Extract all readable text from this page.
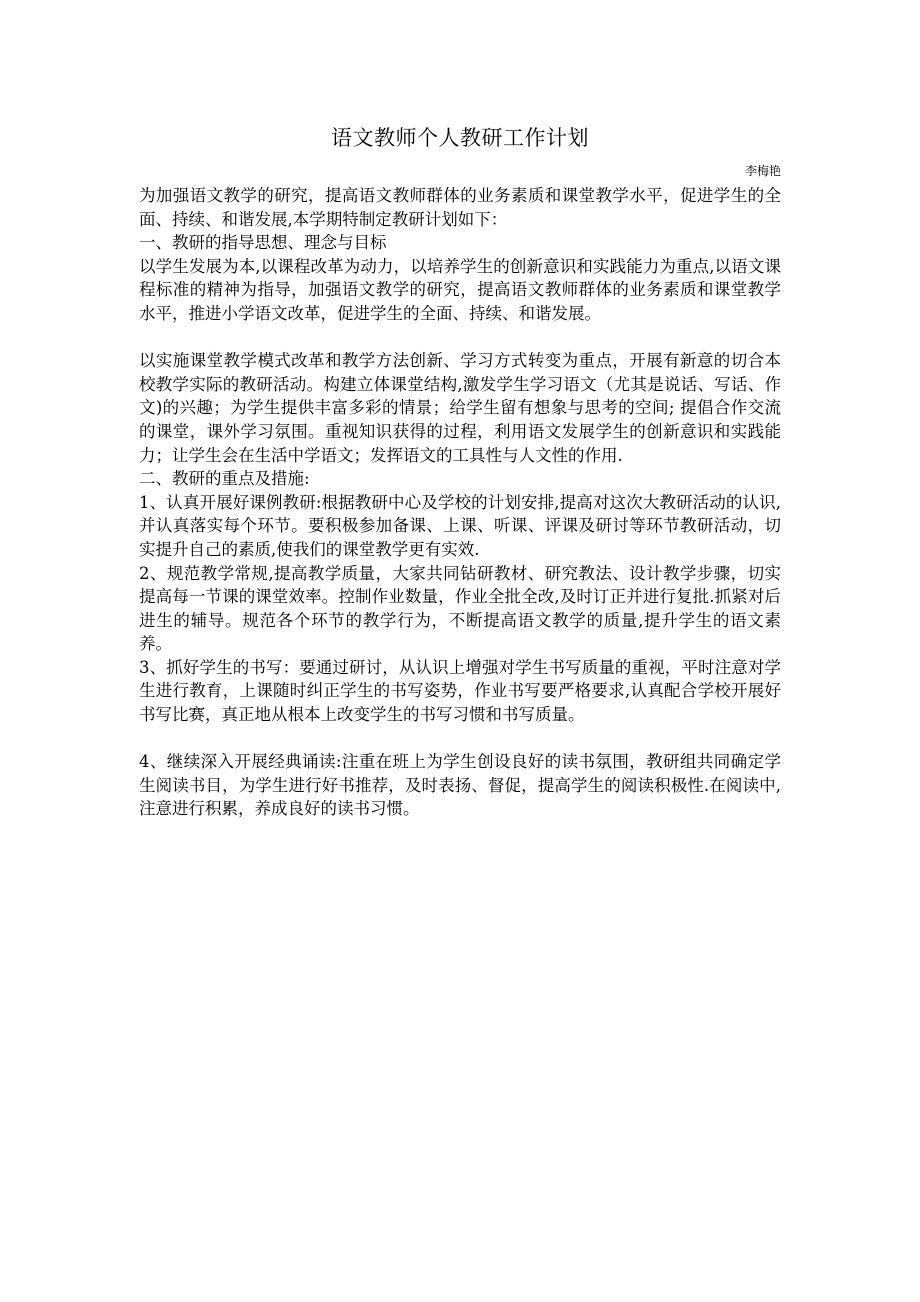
语文教师个人教研工作计划
李梅艳

为加强语文教学的研究，提高语文教师群体的业务素质和课堂教学水平，促进学生的全面、持续、和谐发展,本学期特制定教研计划如下：

一、教研的指导思想、理念与目标

以学生发展为本,以课程改革为动力，以培养学生的创新意识和实践能力为重点,以语文课程标准的精神为指导，加强语文教学的研究，提高语文教师群体的业务素质和课堂教学水平，推进小学语文改革，促进学生的全面、持续、和谐发展。

以实施课堂教学模式改革和教学方法创新、学习方式转变为重点，开展有新意的切合本校教学实际的教研活动。构建立体课堂结构,激发学生学习语文（尤其是说话、写话、作文)的兴趣；为学生提供丰富多彩的情景；给学生留有想象与思考的空间; 提倡合作交流的课堂，课外学习氛围。重视知识获得的过程，利用语文发展学生的创新意识和实践能力；让学生会在生活中学语文；发挥语文的工具性与人文性的作用.

二、教研的重点及措施:

1、认真开展好课例教研:根据教研中心及学校的计划安排,提高对这次大教研活动的认识,并认真落实每个环节。要积极参加备课、上课、听课、评课及研讨等环节教研活动，切实提升自己的素质,使我们的课堂教学更有实效.

2、规范教学常规,提高教学质量，大家共同钻研教材、研究教法、设计教学步骤，切实提高每一节课的课堂效率。控制作业数量，作业全批全改,及时订正并进行复批.抓紧对后进生的辅导。规范各个环节的教学行为，不断提高语文教学的质量,提升学生的语文素养。

3、抓好学生的书写：要通过研讨，从认识上增强对学生书写质量的重视，平时注意对学生进行教育，上课随时纠正学生的书写姿势，作业书写要严格要求,认真配合学校开展好书写比赛，真正地从根本上改变学生的书写习惯和书写质量。

4、继续深入开展经典诵读:注重在班上为学生创设良好的读书氛围，教研组共同确定学生阅读书目，为学生进行好书推荐，及时表扬、督促，提高学生的阅读积极性.在阅读中,注意进行积累，养成良好的读书习惯。
